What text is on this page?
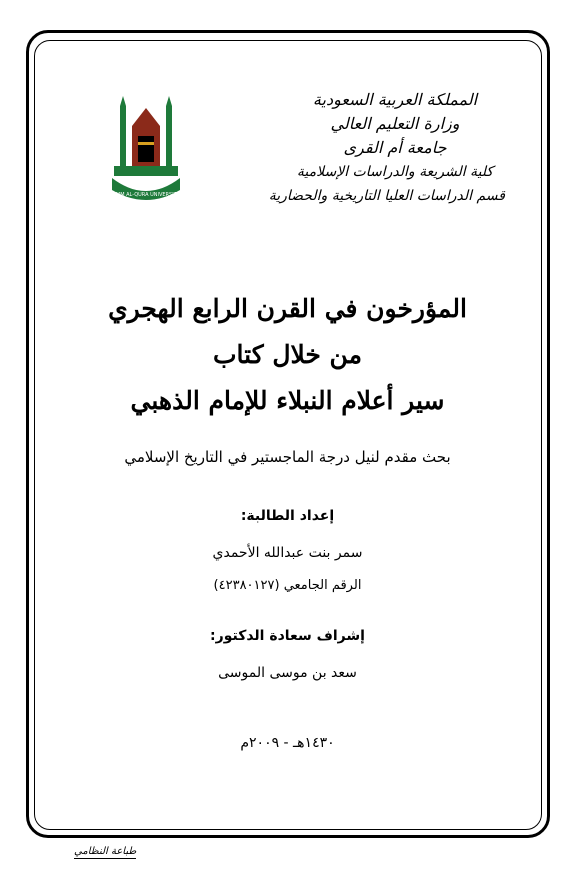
UMM AL-QURA UNIVERSITY
المملكة العربية السعودية
وزارة التعليم العالي
جامعة أم القرى
كلية الشريعة والدراسات الإسلامية
قسم الدراسات العليا التاريخية والحضارية
المؤرخون في القرن الرابع الهجري
من خلال كتاب
سير أعلام النبلاء للإمام الذهبي
بحث مقدم لنيل درجة الماجستير في التاريخ الإسلامي
إعداد الطالبة:
سمر بنت عبدالله الأحمدي
الرقم الجامعي (٤٢٣٨٠١٢٧)
إشراف سعادة الدكتور:
سعد بن موسى الموسى
١٤٣٠هـ - ٢٠٠٩م
طباعة النظامي
